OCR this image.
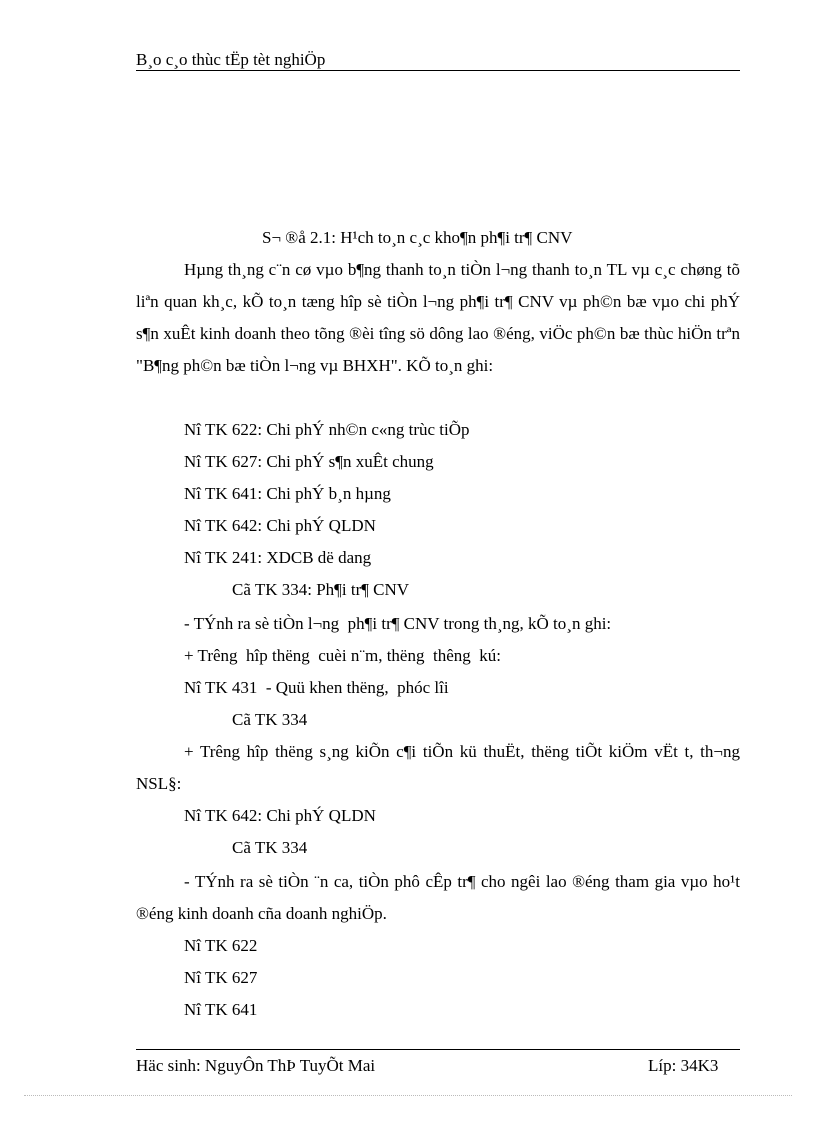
B¸o c¸o thùc tËp tèt nghiÖp
S¬ ®å 2.1: H¹ch to¸n c¸c kho¶n ph¶i tr¶ CNV
Hµng th¸ng c¨n cø vµo b¶ng thanh to¸n tiÒn l¬ng thanh to¸n TL vµ c¸c chøng tõ liªn quan kh¸c, kÕ to¸n tæng hîp sè tiÒn l¬ng ph¶i tr¶ CNV vµ ph©n bæ vµo chi phÝ s¶n xuÊt kinh doanh theo tõng ®èi tîng sö dông lao ®éng, viÖc ph©n bæ thùc hiÖn trªn "B¶ng ph©n bæ tiÒn l¬ng vµ BHXH". KÕ to¸n ghi:
Nî TK 622: Chi phÝ nh©n c«ng trùc tiÕp
Nî TK 627: Chi phÝ s¶n xuÊt chung
Nî TK 641: Chi phÝ b¸n hµng
Nî TK 642: Chi phÝ QLDN
Nî TK 241: XDCB dë dang
Cã TK 334: Ph¶i tr¶ CNV
- TÝnh ra sè tiÒn l¬ng  ph¶i tr¶ CNV trong th¸ng, kÕ to¸n ghi:
+ Trêng  hîp thëng  cuèi n¨m, thëng  thêng  kú:
Nî TK 431  - Quü khen thëng,  phóc lîi
Cã TK 334
+ Trêng hîp thëng s¸ng kiÕn c¶i tiÕn kü thuËt, thëng tiÕt kiÖm vËt t, th¬ng NSL§:
Nî TK 642: Chi phÝ QLDN
Cã TK 334
- TÝnh ra sè tiÒn ¨n ca, tiÒn phô cÊp tr¶ cho ngêi lao ®éng tham gia vµo ho¹t ®éng kinh doanh cña doanh nghiÖp.
Nî TK 622
Nî TK 627
Nî TK 641
Häc sinh: NguyÔn ThÞ TuyÕt Mai	Líp: 34K3
